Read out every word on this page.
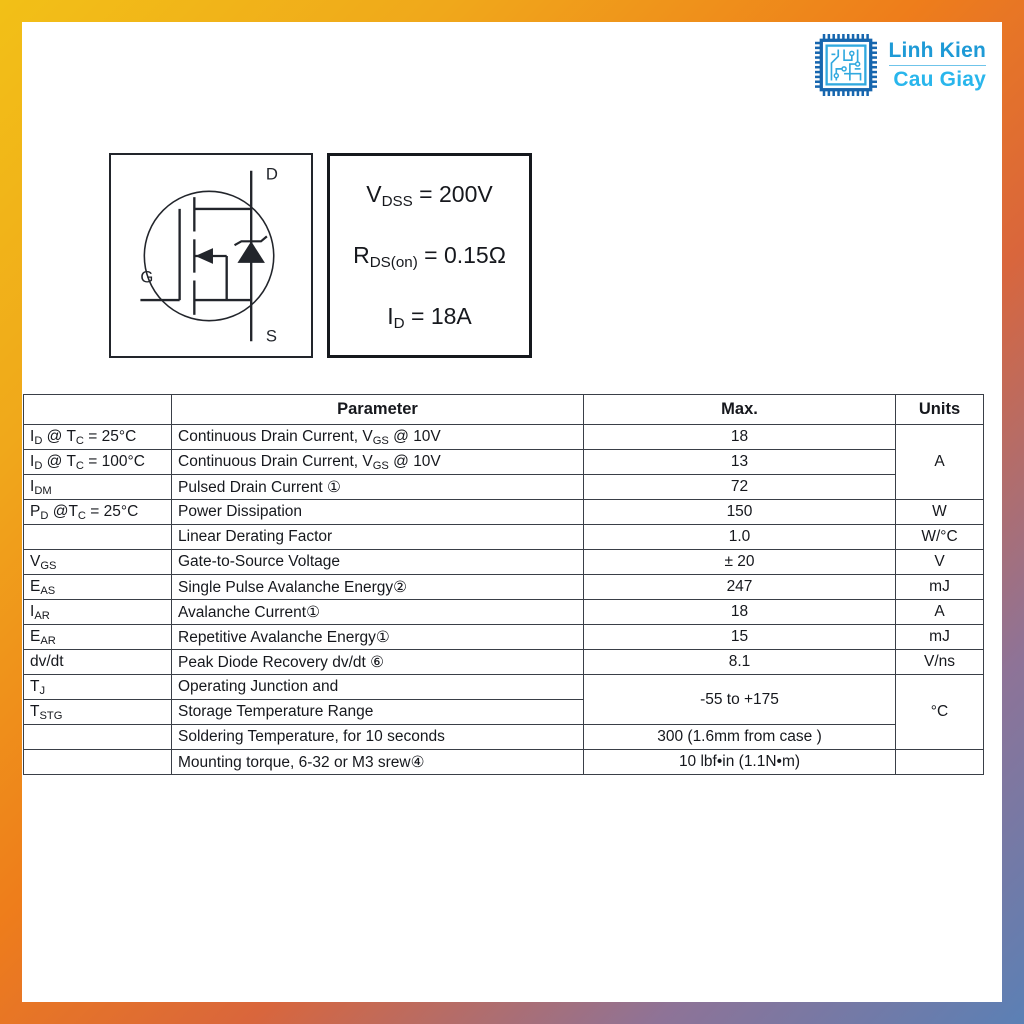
Linh Kien
Cau Giay
D
G
S
$V_{DSS} = 200V$
$R_{DS(on)} = 0.15\Omega$
$I_D = 18A$
	Parameter	Max.	Units
$I_D$ @ $T_C = 25^\circ C$	Continuous Drain Current, $V_{GS}$ @ 10V	18	A
$I_D$ @ $T_C = 100^\circ C$	Continuous Drain Current, $V_{GS}$ @ 10V	13	
$I_{DM}$	Pulsed Drain Current ①	72	
$P_D$ $@T_C = 25^\circ C$	Power Dissipation	150	W
	Linear Derating Factor	1.0	W/°C
$V_{GS}$	Gate-to-Source Voltage	± 20	V
$E_{AS}$	Single Pulse Avalanche Energy②	247	mJ
$I_{AR}$	Avalanche Current①	18	A
$E_{AR}$	Repetitive Avalanche Energy①	15	mJ
dv/dt	Peak Diode Recovery dv/dt ⑥	8.1	V/ns
$T_J$	Operating Junction and	-55 to +175	°C
$T_{STG}$	Storage Temperature Range		
	Soldering Temperature, for 10 seconds	300 (1.6mm from case )	
	Mounting torque, 6-32 or M3 srew④	10 lbf•in (1.1N•m)	
